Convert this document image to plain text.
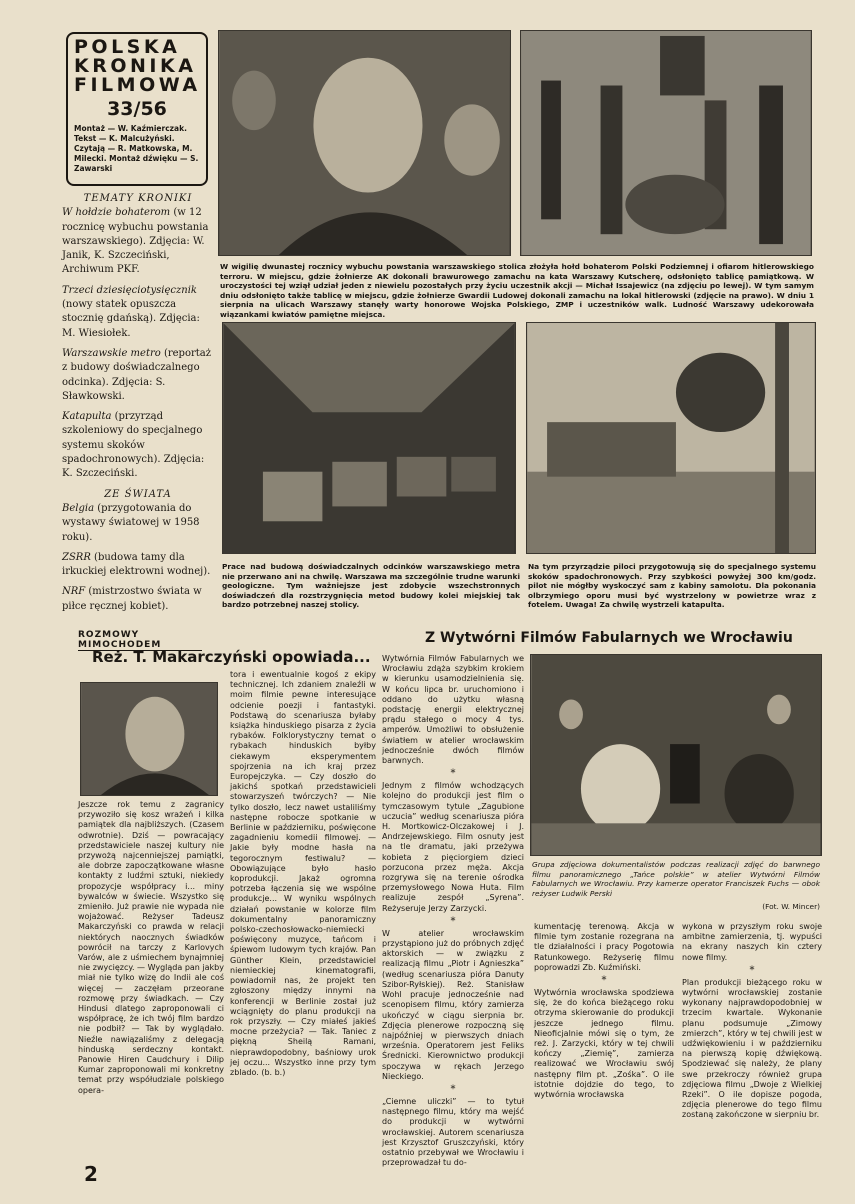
POLSKA
KRONIKA
FILMOWA
33/56
Montaż — W. Kaźmierczak. Tekst — K. Malcużyński. Czytają — R. Matkowska, M. Milecki. Montaż dźwięku — S. Zawarski
W wigilię dwunastej rocznicy wybuchu powstania warszawskiego stolica złożyła hołd bohaterom Polski Podziemnej i ofiarom hitlerowskiego terroru. W miejscu, gdzie żołnierze AK dokonali brawurowego zamachu na kata Warszawy Kutscherę, odsłonięto tablicę pamiątkową. W uroczystości tej wziął udział jeden z niewielu pozostałych przy życiu uczestnik akcji — Michał Issajewicz (na zdjęciu po lewej). W tym samym dniu odsłonięto także tablicę w miejscu, gdzie żołnierze Gwardii Ludowej dokonali zamachu na lokal hitlerowski (zdjęcie na prawo). W dniu 1 sierpnia na ulicach Warszawy stanęły warty honorowe Wojska Polskiego, ZMP i uczestników walk. Ludność Warszawy udekorowała wiązankami kwiatów pamiętne miejsca.
TEMATY KRONIKI

W hołdzie bohaterom (w 12 rocznicę wybuchu powstania warszawskiego). Zdjęcia: W. Janik, K. Szczeciński, Archiwum PKF.

Trzeci dziesięciotysięcznik (nowy statek opuszcza stocznię gdańską). Zdjęcia: M. Wiesiołek.

Warszawskie metro (reportaż z budowy doświadczalnego odcinka). Zdjęcia: S. Sławkowski.

Katapulta (przyrząd szkoleniowy do specjalnego systemu skoków spadochronowych). Zdjęcia: K. Szczeciński.

ZE ŚWIATA

Belgia (przygotowania do wystawy światowej w 1958 roku).

ZSRR (budowa tamy dla irkuckiej elektrowni wodnej).

NRF (mistrzostwo świata w piłce ręcznej kobiet).

Prace nad budową doświadczalnych odcinków warszawskiego metra nie przerwano ani na chwilę. Warszawa ma szczególnie trudne warunki geologiczne. Tym ważniejsze jest zdobycie wszechstronnych doświadczeń dla rozstrzygnięcia metod budowy kolei miejskiej tak bardzo potrzebnej naszej stolicy.
Na tym przyrządzie piloci przygotowują się do specjalnego systemu skoków spadochronowych. Przy szybkości powyżej 300 km/godz. pilot nie mógłby wyskoczyć sam z kabiny samolotu. Dla pokonania olbrzymiego oporu musi być wystrzelony w powietrze wraz z fotelem. Uwaga! Za chwilę wystrzeli katapulta.
ROZMOWY MIMOCHODEM
Reż. T. Makarczyński opowiada...
Jeszcze rok temu z zagranicy przywoziło się kosz wrażeń i kilka pamiątek dla najbliższych. (Czasem odwrotnie). Dziś — powracający przedstawiciele naszej kultury nie przywożą najcenniejszej pamiątki, ale dobrze zapoczątkowane własne kontakty z ludźmi sztuki, niekiedy propozycje współpracy i... miny bywalców w świecie. Wszystko się zmieniło. Już prawie nie wypada nie wojażować. Reżyser Tadeusz Makarczyński co prawda w relacji niektórych naocznych świadków powrócił na tarczy z Karlovych Varów, ale z uśmiechem bynajmniej nie zwycięzcy. — Wygląda pan jakby miał nie tylko wizę do Indii ale coś więcej — zaczęłam przeorane rozmowę przy świadkach. — Czy Hindusi dlatego zaproponowali ci współpracę, że ich twój film bardzo nie podbił? — Tak by wyglądało. Nieźle nawiązaliśmy z delegacją hinduską serdeczny kontakt. Panowie Hiren Caudchury i Dilip Kumar zaproponowali mi konkretny temat przy współudziale polskiego opera-
tora i ewentualnie kogoś z ekipy technicznej. Ich zdaniem znaleźli w moim filmie pewne interesujące odcienie poezji i fantastyki. Podstawą do scenariusza byłaby książka hinduskiego pisarza z życia rybaków. Folklorystyczny temat o rybakach hinduskich byłby ciekawym eksperymentem spojrzenia na ich kraj przez Europejczyka. — Czy doszło do jakichś spotkań przedstawicieli stowarzyszeń twórczych? — Nie tylko doszło, lecz nawet ustaliliśmy następne robocze spotkanie w Berlinie w październiku, poświęcone zagadnieniu komedii filmowej. — Jakie były modne hasła na tegorocznym festiwalu? — Obowiązujące było hasło koprodukcji. Jakaż ogromna potrzeba łączenia się we wspólne produkcje... W wyniku wspólnych działań powstanie w kolorze film dokumentalny panoramiczny polsko-czechosłowacko-niemiecki poświęcony muzyce, tańcom i śpiewom ludowym tych krajów. Pan Günther Klein, przedstawiciel niemieckiej kinematografii, powiadomił nas, że projekt ten zgłoszony między innymi na konferencji w Berlinie został już wciągnięty do planu produkcji na rok przyszły. — Czy miałeś jakieś mocne przeżycia? — Tak. Taniec z piękną Sheilą Ramani, nieprawdopodobny, baśniowy urok jej oczu... Wszystko inne przy tym zblado. (b. b.)
Z Wytwórni Filmów Fabularnych we Wrocławiu
Wytwórnia Filmów Fabularnych we Wrocławiu zdąża szybkim krokiem w kierunku usamodzielnienia się. W końcu lipca br. uruchomiono i oddano do użytku własną podstację energii elektrycznej prądu stałego o mocy 4 tys. amperów. Umożliwi to obsłużenie światłem w atelier wrocławskim jednocześnie dwóch filmów barwnych.
*
Jednym z filmów wchodzących kolejno do produkcji jest film o tymczasowym tytule „Zagubione uczucia” według scenariusza pióra H. Mortkowicz-Olczakowej i J. Andrzejewskiego. Film osnuty jest na tle dramatu, jaki przeżywa kobieta z pięciorgiem dzieci porzucona przez męża. Akcja rozgrywa się na terenie ośrodka przemysłowego Nowa Huta. Film realizuje zespół „Syrena”. Reżyseruje Jerzy Zarzycki.
*
W atelier wrocławskim przystąpiono już do próbnych zdjęć aktorskich — w związku z realizacją filmu „Piotr i Agnieszka” (według scenariusza pióra Danuty Szibor-Ryłskiej). Reż. Stanisław Wohl pracuje jednocześnie nad scenopisem filmu, który zamierza ukończyć w ciągu sierpnia br. Zdjęcia plenerowe rozpoczną się najpóźniej w pierwszych dniach września. Operatorem jest Feliks Średnicki. Kierownictwo produkcji spoczywa w rękach Jerzego Nieckiego.
*
„Ciemne uliczki” — to tytuł następnego filmu, który ma wejść do produkcji w wytwórni wrocławskiej. Autorem scenariusza jest Krzysztof Gruszczyński, który ostatnio przebywał we Wrocławiu i przeprowadzał tu do-
Grupa zdjęciowa dokumentalistów podczas realizacji zdjęć do barwnego filmu panoramicznego „Tańce polskie” w atelier Wytwórni Filmów Fabularnych we Wrocławiu. Przy kamerze operator Franciszek Fuchs — obok reżyser Ludwik Perski
(Fot. W. Mincer)
kumentację terenową. Akcja w filmie tym zostanie rozegrana na tle działalności i pracy Pogotowia Ratunkowego. Reżyserię filmu poprowadzi Zb. Kuźmiński.
*
Wytwórnia wrocławska spodziewa się, że do końca bieżącego roku otrzyma skierowanie do produkcji jeszcze jednego filmu. Nieoficjalnie mówi się o tym, że reż. J. Zarzycki, który w tej chwili kończy „Ziemię”, zamierza realizować we Wrocławiu swój następny film pt. „Zośka”. O ile istotnie dojdzie do tego, to wytwórnia wrocławska
wykona w przyszłym roku swoje ambitne zamierzenia, tj. wypuści na ekrany naszych kin cztery nowe filmy.
*
Plan produkcji bieżącego roku w wytwórni wrocławskiej zostanie wykonany najprawdopodobniej w trzecim kwartale. Wykonanie planu podsumuje „Zimowy zmierzch”, który w tej chwili jest w udźwiękowieniu i w październiku na pierwszą kopię dźwiękową. Spodziewać się należy, że plany swe przekroczy również grupa zdjęciowa filmu „Dwoje z Wielkiej Rzeki”. O ile dopisze pogoda, zdjęcia plenerowe do tego filmu zostaną zakończone w sierpniu br.
2
